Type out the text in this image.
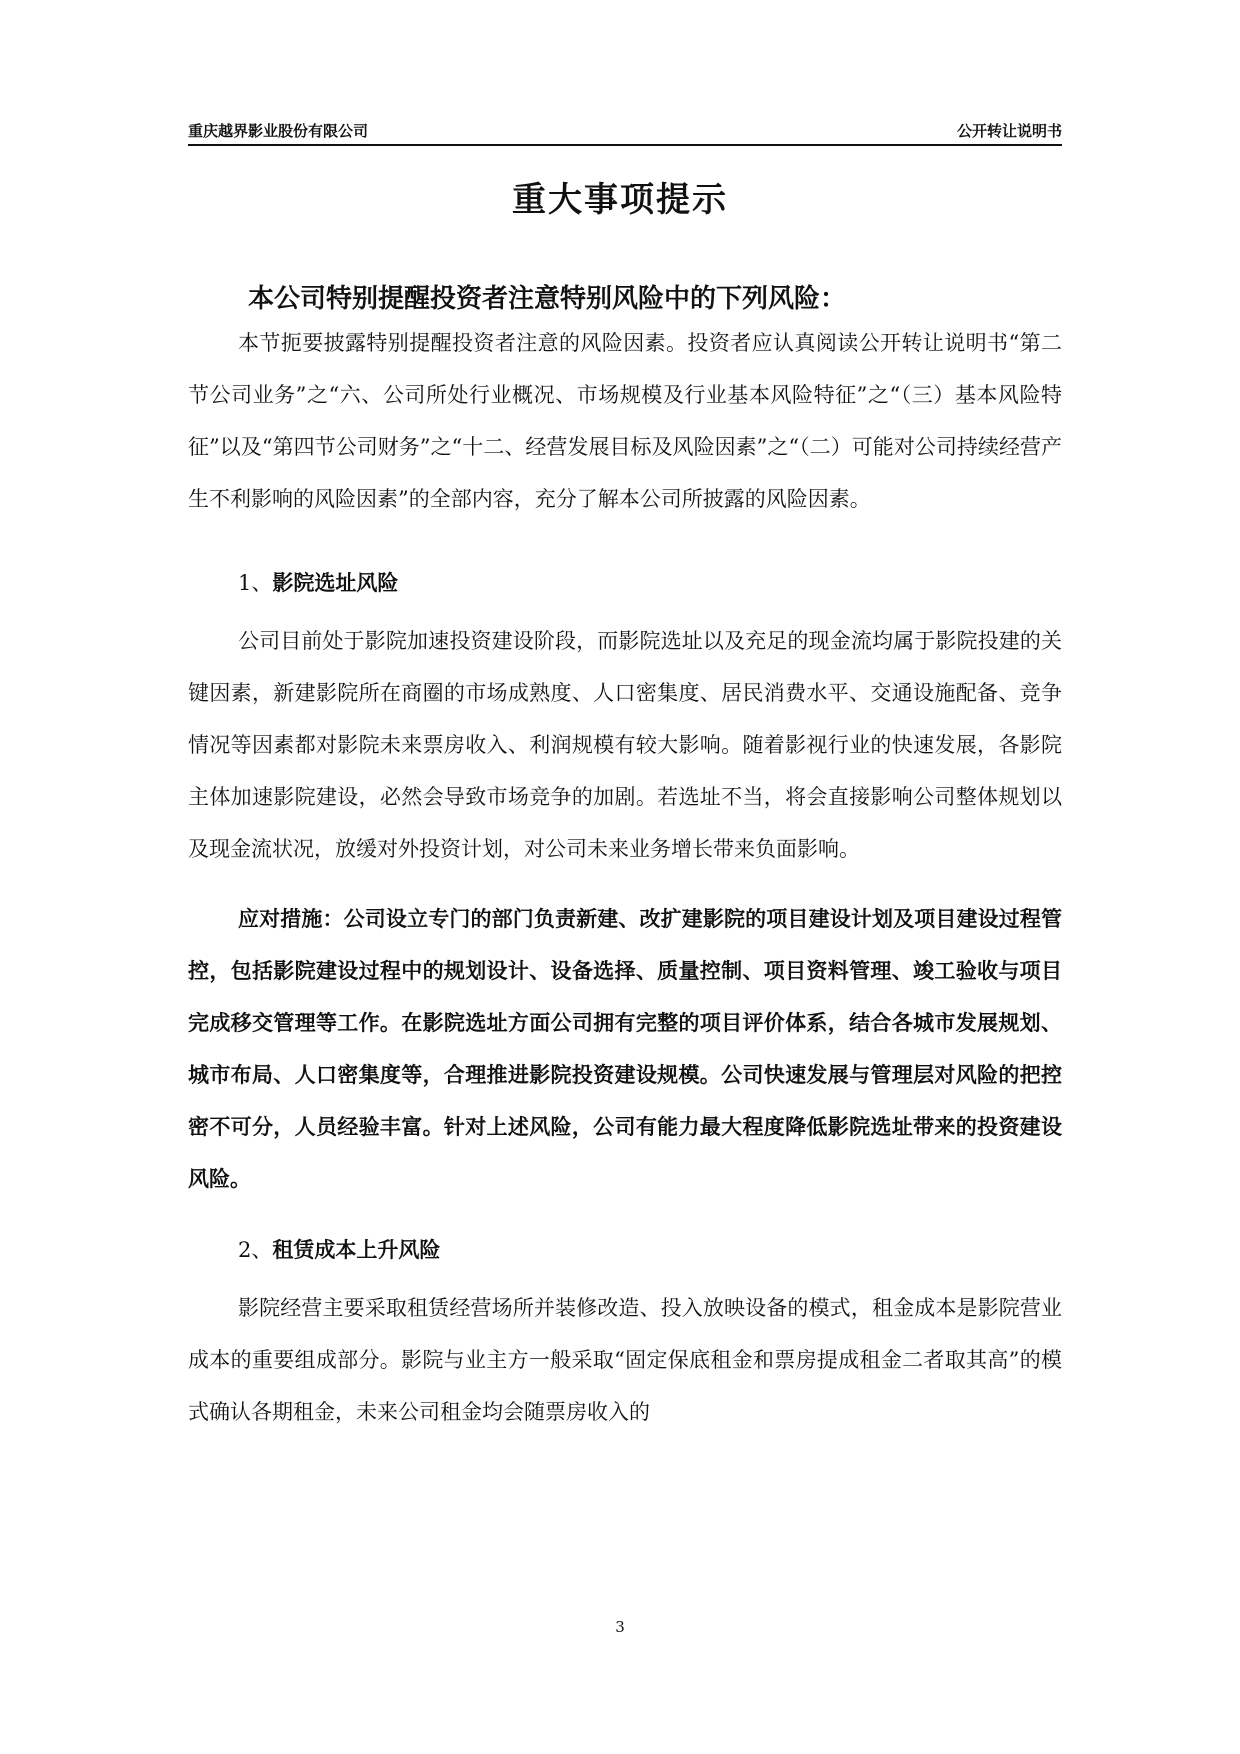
重庆越界影业股份有限公司	公开转让说明书
重大事项提示
本公司特别提醒投资者注意特别风险中的下列风险：

本节扼要披露特别提醒投资者注意的风险因素。投资者应认真阅读公开转让说明书“第二节公司业务”之“六、公司所处行业概况、市场规模及行业基本风险特征”之“（三）基本风险特征”以及“第四节公司财务”之“十二、经营发展目标及风险因素”之“（二）可能对公司持续经营产生不利影响的风险因素”的全部内容，充分了解本公司所披露的风险因素。

1、影院选址风险

公司目前处于影院加速投资建设阶段，而影院选址以及充足的现金流均属于影院投建的关键因素，新建影院所在商圈的市场成熟度、人口密集度、居民消费水平、交通设施配备、竞争情况等因素都对影院未来票房收入、利润规模有较大影响。随着影视行业的快速发展，各影院主体加速影院建设，必然会导致市场竞争的加剧。若选址不当，将会直接影响公司整体规划以及现金流状况，放缓对外投资计划，对公司未来业务增长带来负面影响。

应对措施：公司设立专门的部门负责新建、改扩建影院的项目建设计划及项目建设过程管控，包括影院建设过程中的规划设计、设备选择、质量控制、项目资料管理、竣工验收与项目完成移交管理等工作。在影院选址方面公司拥有完整的项目评价体系，结合各城市发展规划、城市布局、人口密集度等，合理推进影院投资建设规模。公司快速发展与管理层对风险的把控密不可分，人员经验丰富。针对上述风险，公司有能力最大程度降低影院选址带来的投资建设风险。

2、租赁成本上升风险

影院经营主要采取租赁经营场所并装修改造、投入放映设备的模式，租金成本是影院营业成本的重要组成部分。影院与业主方一般采取“固定保底租金和票房提成租金二者取其高”的模式确认各期租金，未来公司租金均会随票房收入的

3
